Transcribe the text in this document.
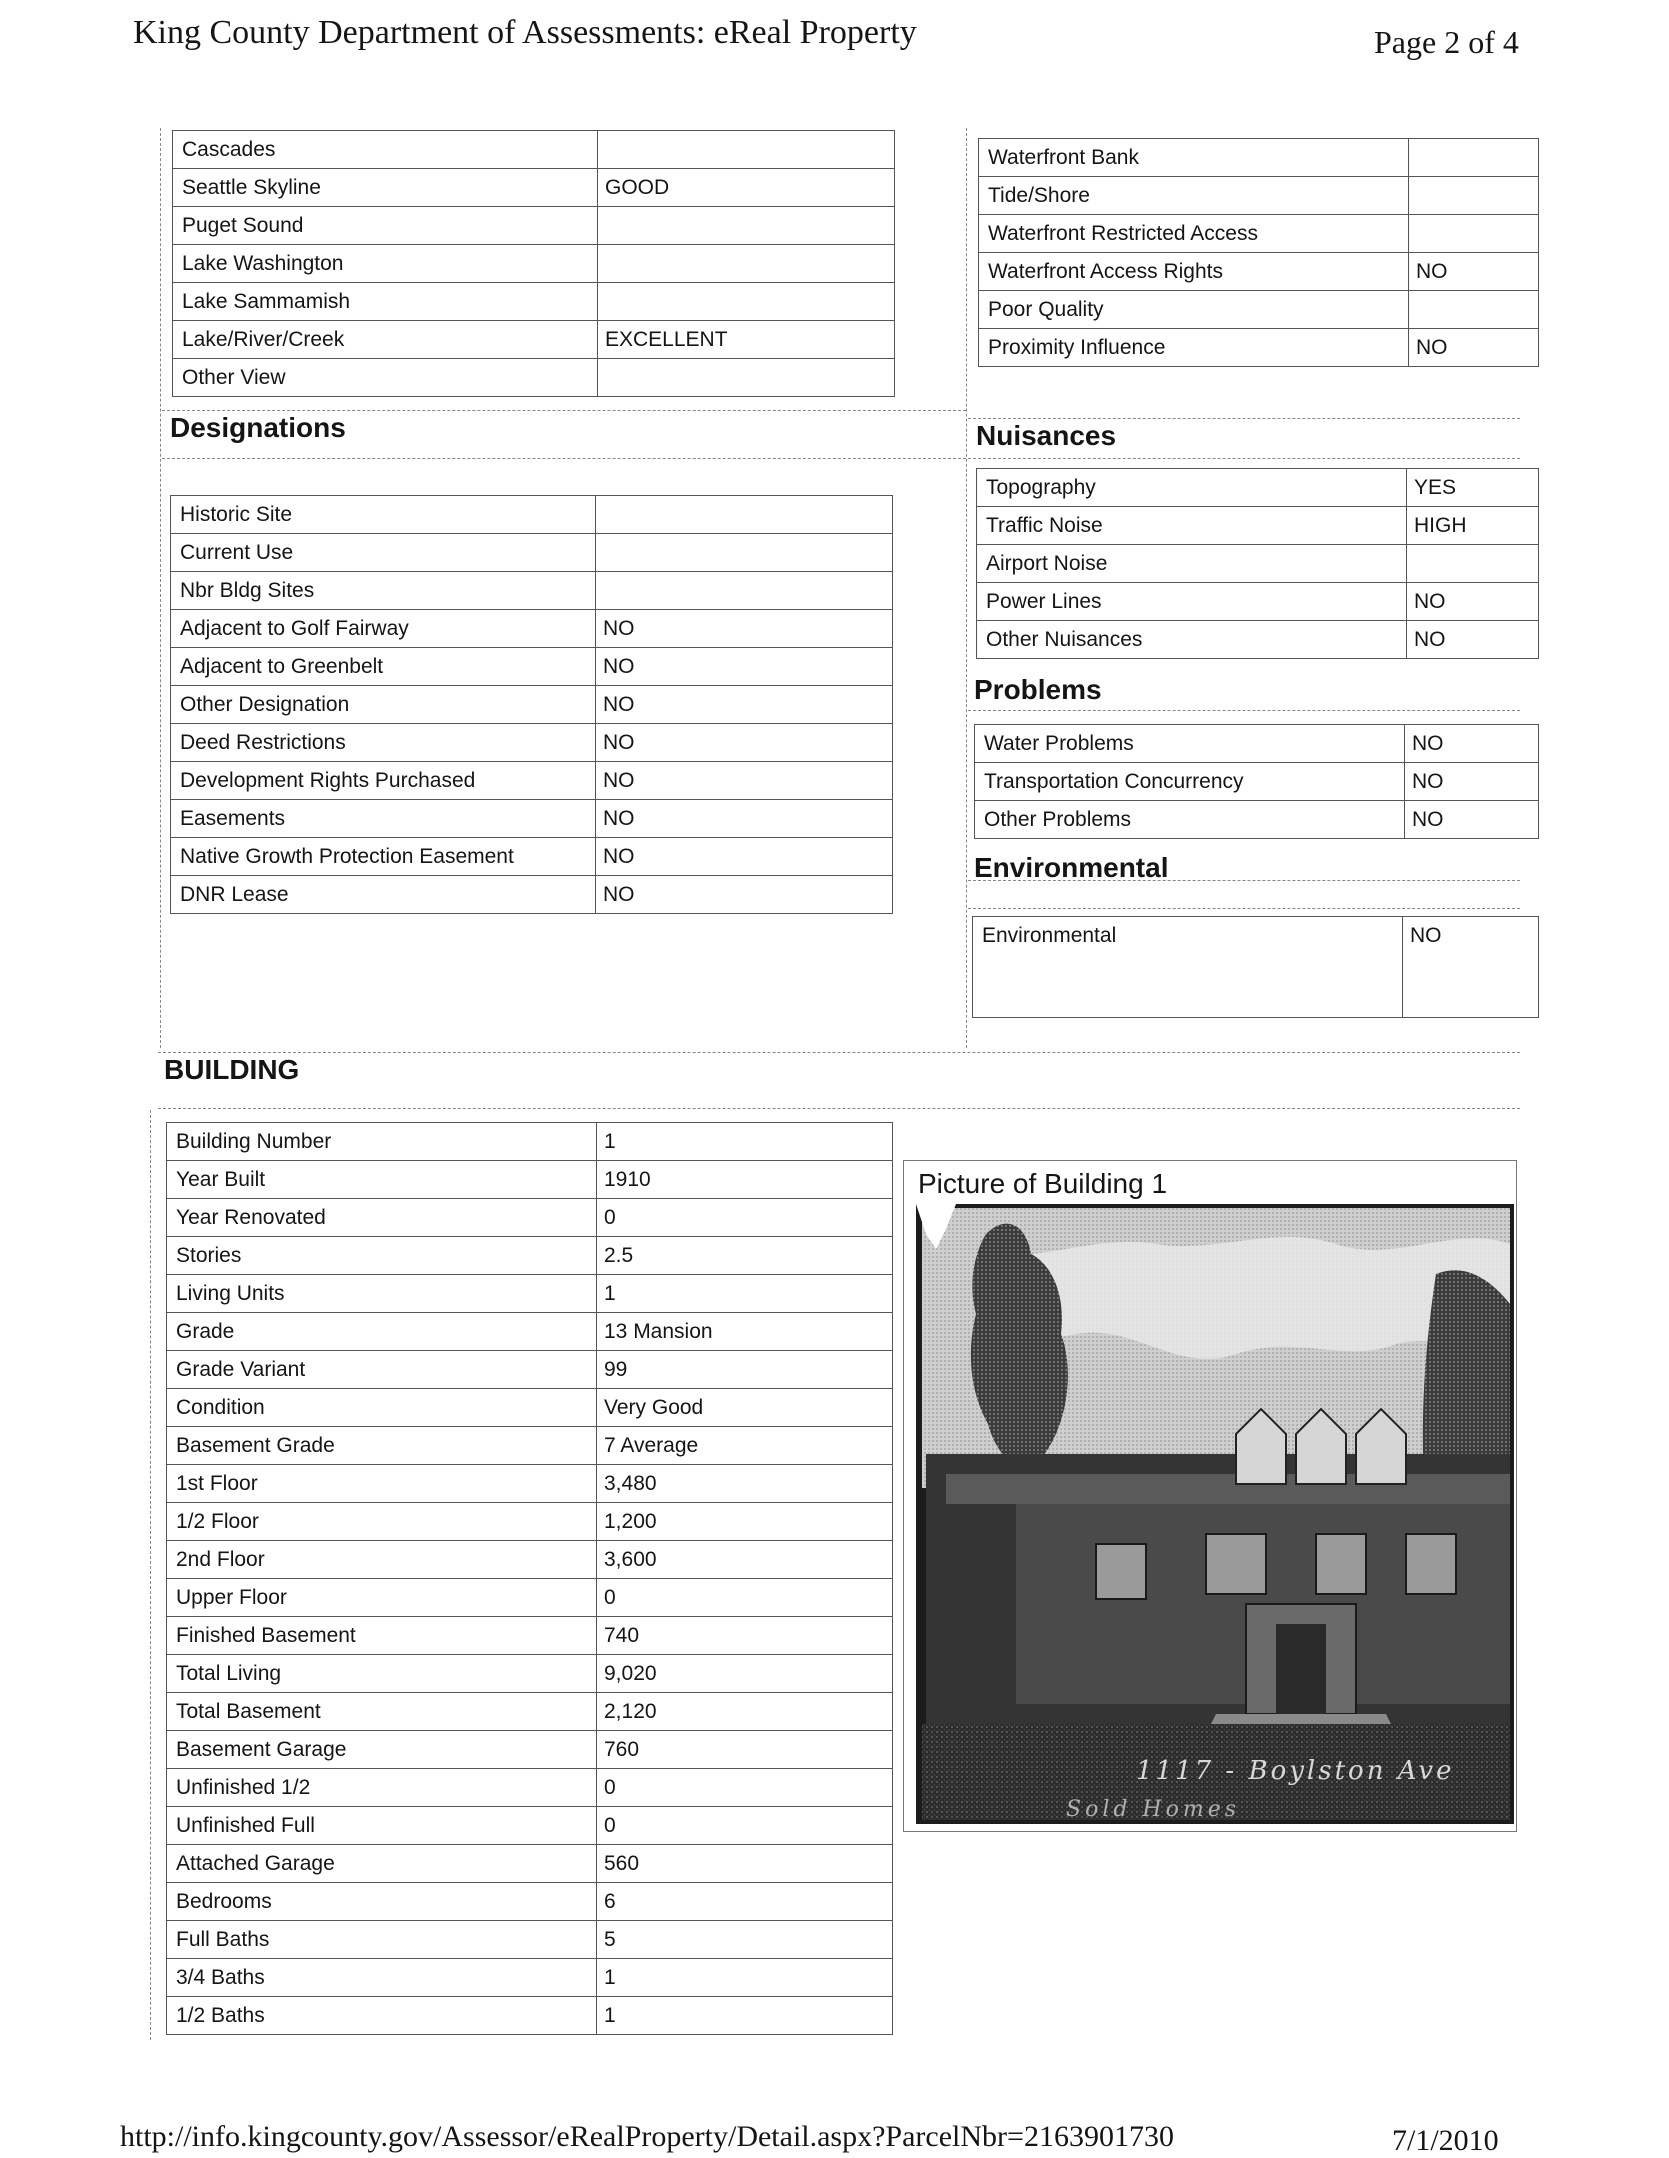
King County Department of Assessments: eReal Property	Page 2 of 4
Cascades	
Seattle Skyline	GOOD
Puget Sound	
Lake Washington	
Lake Sammamish	
Lake/River/Creek	EXCELLENT
Other View	
Waterfront Bank	
Tide/Shore	
Waterfront Restricted Access	
Waterfront Access Rights	NO
Poor Quality	
Proximity Influence	NO
Designations
Historic Site	
Current Use	
Nbr Bldg Sites	
Adjacent to Golf Fairway	NO
Adjacent to Greenbelt	NO
Other Designation	NO
Deed Restrictions	NO
Development Rights Purchased	NO
Easements	NO
Native Growth Protection Easement	NO
DNR Lease	NO
Nuisances
Topography	YES
Traffic Noise	HIGH
Airport Noise	
Power Lines	NO
Other Nuisances	NO
Problems
Water Problems	NO
Transportation Concurrency	NO
Other Problems	NO
Environmental
Environmental	NO
BUILDING
Building Number	1
Year Built	1910
Year Renovated	0
Stories	2.5
Living Units	1
Grade	13 Mansion
Grade Variant	99
Condition	Very Good
Basement Grade	7 Average
1st Floor	3,480
1/2 Floor	1,200
2nd Floor	3,600
Upper Floor	0
Finished Basement	740
Total Living	9,020
Total Basement	2,120
Basement Garage	760
Unfinished 1/2	0
Unfinished Full	0
Attached Garage	560
Bedrooms	6
Full Baths	5
3/4 Baths	1
1/2 Baths	1
Picture of Building 1
1117 - Boylston Ave
Sold Homes
http://info.kingcounty.gov/Assessor/eRealProperty/Detail.aspx?ParcelNbr=2163901730	7/1/2010
